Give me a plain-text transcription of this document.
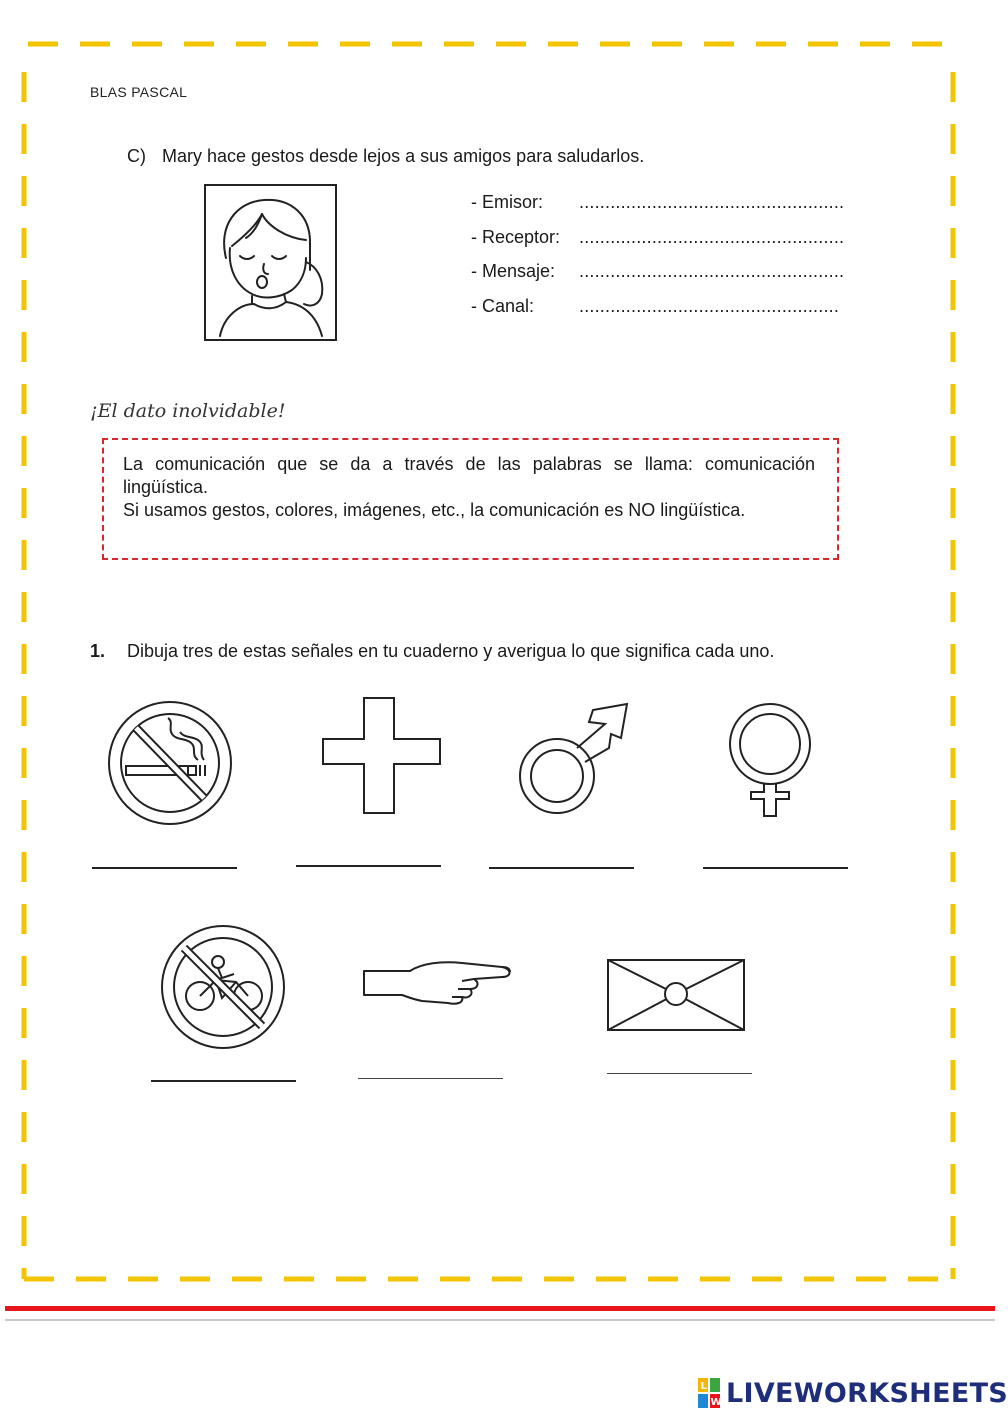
BLAS PASCAL
C) Mary hace gestos desde lejos a sus amigos para saludarlos.
- Emisor: ...................................................
- Receptor: ...................................................
- Mensaje: ...................................................
- Canal: ..................................................
¡El dato inolvidable!

La comunicación que se da a través de las palabras se llama: comunicación lingüística.

Si usamos gestos, colores, imágenes, etc., la comunicación es NO lingüística.

1. Dibuja tres de estas señales en tu cuaderno y averigua lo que significa cada uno.
L
W LIVEWORKSHEETS
